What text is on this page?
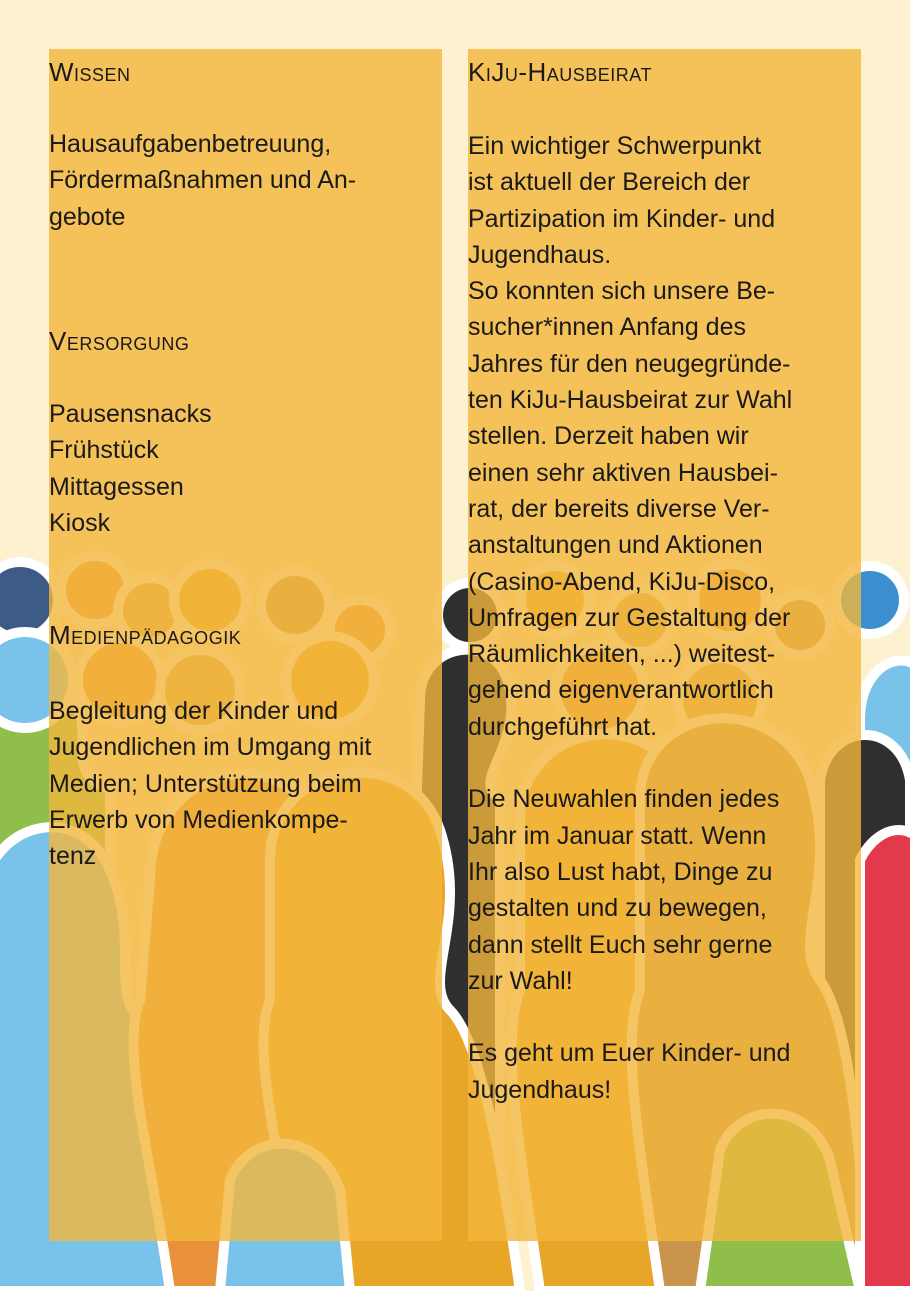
Wissen
Hausaufgabenbetreuung,
Fördermaßnahmen und An-
gebote
Versorgung
Pausensnacks
Frühstück
Mittagessen
Kiosk
Medienpädagogik
Begleitung der Kinder und
Jugendlichen im Umgang mit
Medien; Unterstützung beim
Erwerb von Medienkompe-
tenz
KiJu-Hausbeirat
Ein wichtiger Schwerpunkt
ist aktuell der Bereich der
Partizipation im Kinder- und
Jugendhaus.
So konnten sich unsere Be-
sucher*innen Anfang des
Jahres für den neugegründe-
ten KiJu-Hausbeirat zur Wahl
stellen. Derzeit haben wir
einen sehr aktiven Hausbei-
rat, der bereits diverse Ver-
anstaltungen und Aktionen
(Casino-Abend, KiJu-Disco,
Umfragen zur Gestaltung der
Räumlichkeiten, ...) weitest-
gehend eigenverantwortlich
durchgeführt hat.

Die Neuwahlen finden jedes
Jahr im Januar statt. Wenn
Ihr also Lust habt, Dinge zu
gestalten und zu bewegen,
dann stellt Euch sehr gerne
zur Wahl!

Es geht um Euer Kinder- und
Jugendhaus!
